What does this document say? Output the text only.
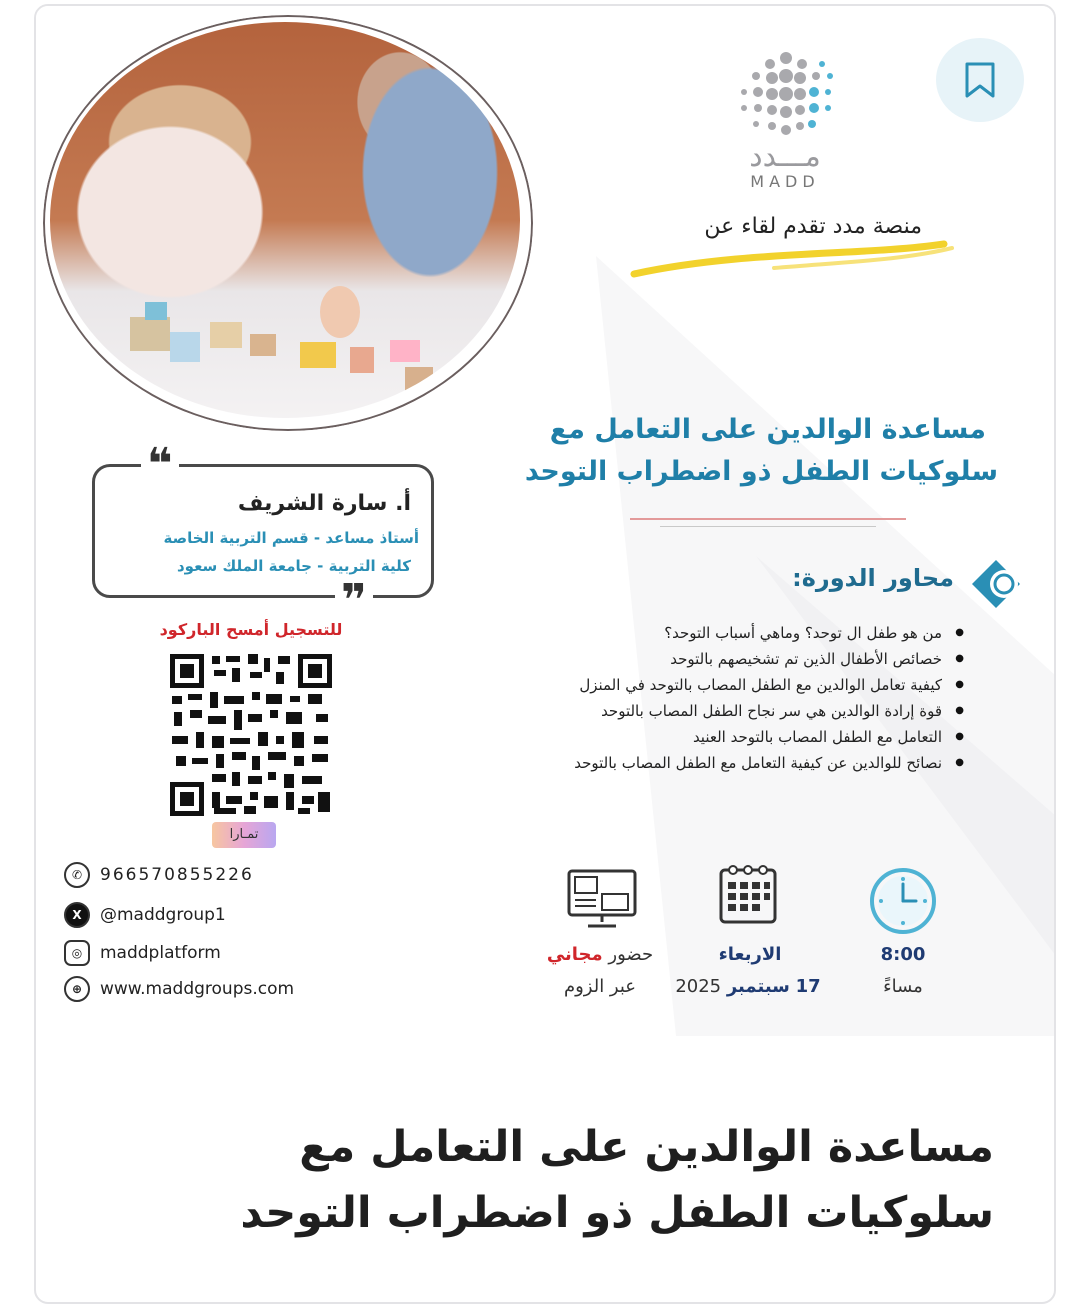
مـــدد
MADD
منصة مدد تقدم لقاء عن
مساعدة الوالدين على التعامل مع
سلوكيات الطفل ذو اضطراب التوحد
❝
❞
أ. سارة الشريف
أستاذ مساعد - قسم التربية الخاصة
كلية التربية - جامعة الملك سعود
للتسجيل أمسح الباركود
تمـارا
محاور الدورة:
● من هو طفل ال توحد؟ وماهي أسباب التوحد؟
● خصائص الأطفال الذين تم تشخيصهم بالتوحد
● كيفية تعامل الوالدين مع الطفل المصاب بالتوحد في المنزل
● قوة إرادة الوالدين هي سر نجاح الطفل المصاب بالتوحد
● التعامل مع الطفل المصاب بالتوحد العنيد
● نصائح للوالدين عن كيفية التعامل مع الطفل المصاب بالتوحد
✆	966570855226
X	@maddgroup1
◎	maddplatform
⊕	www.maddgroups.com
حضور مجاني
عبر الزوم
الاربعاء
17 سبتمبر 2025
8:00
مساءً
مساعدة الوالدين على التعامل مع
سلوكيات الطفل ذو اضطراب التوحد
